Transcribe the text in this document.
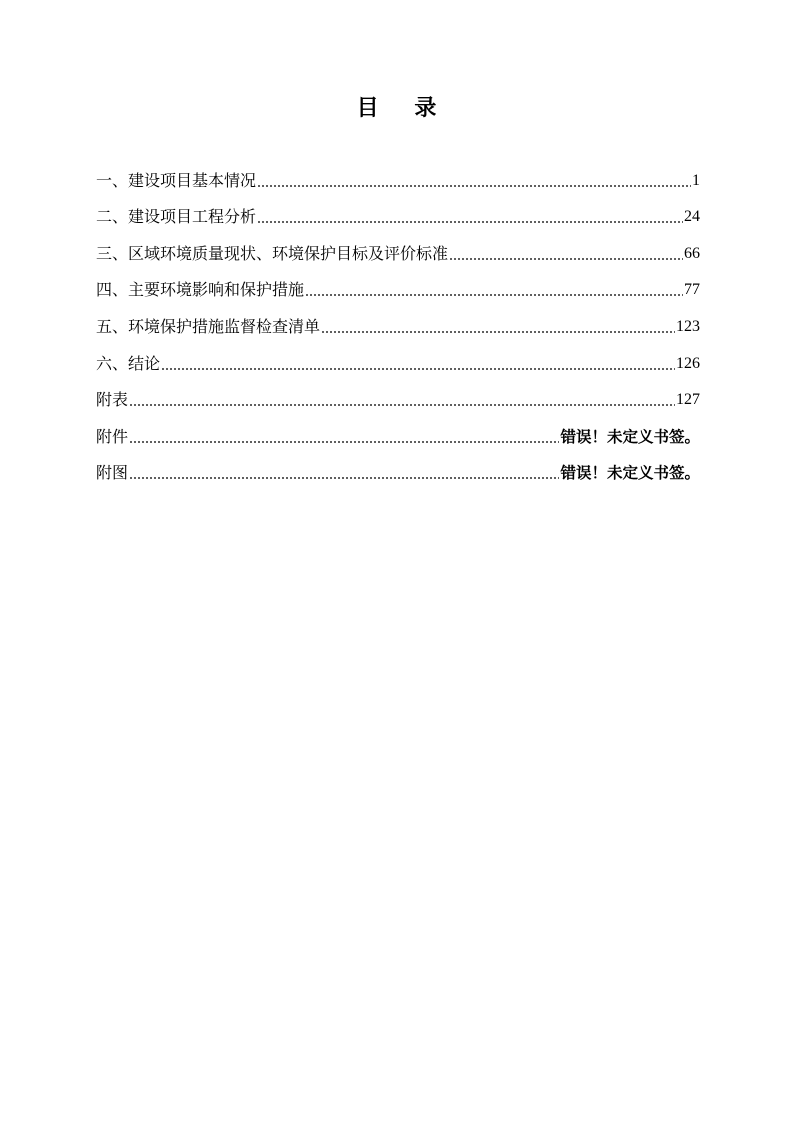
目 录
一、建设项目基本情况	1
二、建设项目工程分析	24
三、区域环境质量现状、环境保护目标及评价标准	66
四、主要环境影响和保护措施	77
五、环境保护措施监督检查清单	123
六、结论	126
附表	127
附件	错误！未定义书签。
附图	错误！未定义书签。
